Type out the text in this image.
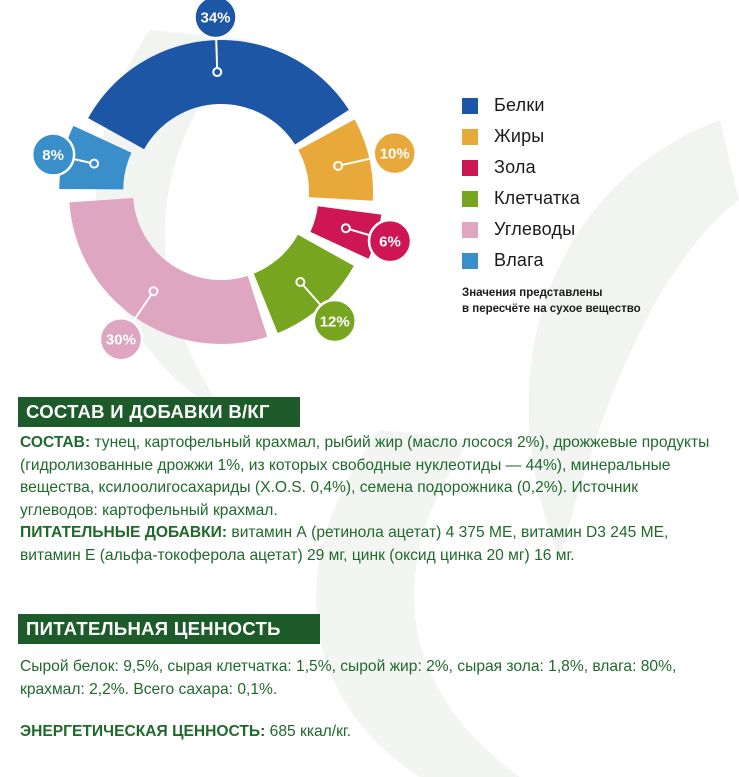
34%
10%
6%
12%
30%
8%
Белки
Жиры
Зола
Клетчатка
Углеводы
Влага
Значения представлены
в пересчёте на сухое вещество
СОСТАВ И ДОБАВКИ В/КГ
СОСТАВ: тунец, картофельный крахмал, рыбий жир (масло лосося 2%), дрожжевые продукты (гидролизованные дрожжи 1%, из которых свободные нуклеотиды — 44%), минеральные вещества, ксилоолигосахариды (X.O.S. 0,4%), семена подорожника (0,2%). Источник углеводов: картофельный крахмал.
ПИТАТЕЛЬНЫЕ ДОБАВКИ: витамин А (ретинола ацетат) 4 375 МЕ, витамин D3 245 МЕ, витамин Е (альфа-токоферола ацетат) 29 мг, цинк (оксид цинка 20 мг) 16 мг.
ПИТАТЕЛЬНАЯ ЦЕННОСТЬ
Сырой белок: 9,5%, сырая клетчатка: 1,5%, сырой жир: 2%, сырая зола: 1,8%, влага: 80%, крахмал: 2,2%. Всего сахара: 0,1%.
ЭНЕРГЕТИЧЕСКАЯ ЦЕННОСТЬ: 685 ккал/кг.
